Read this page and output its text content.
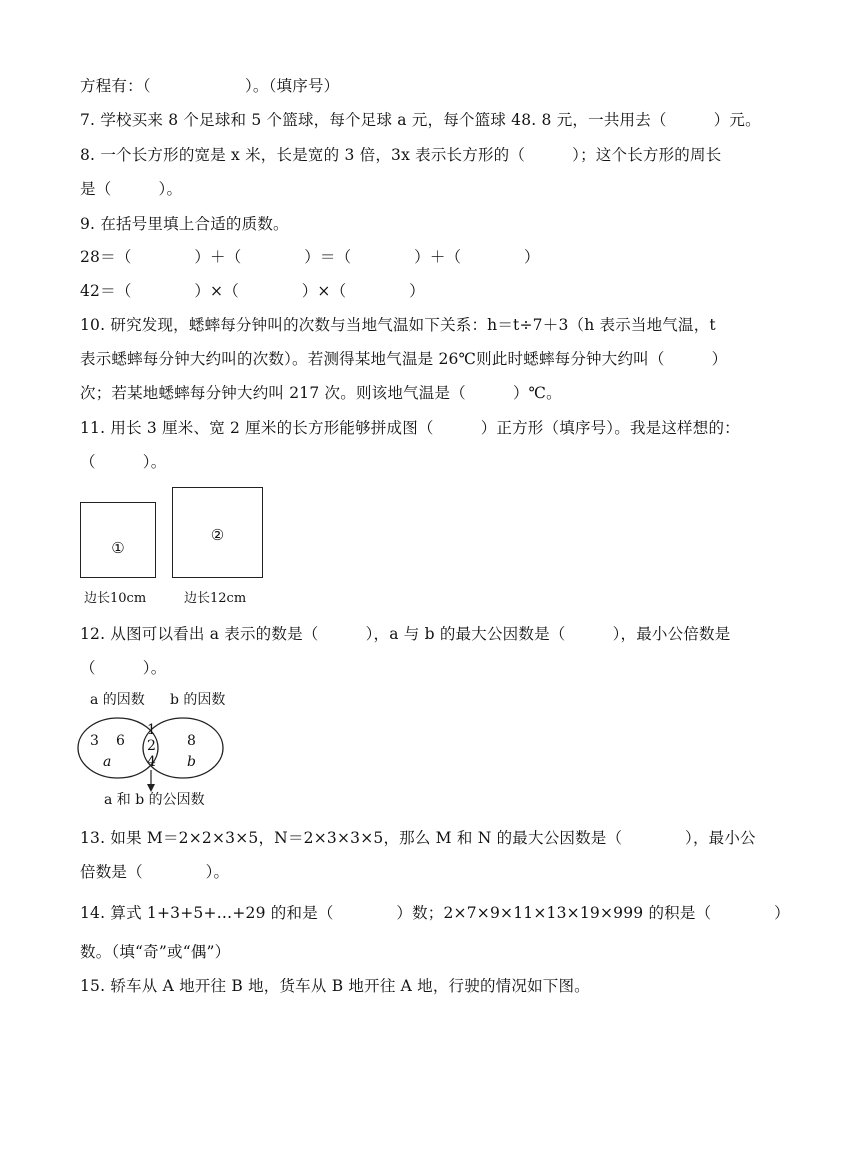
方程有：（　　　　　　）。（填序号）
7. 学校买来 8 个足球和 5 个篮球，每个足球 a 元，每个篮球 48. 8 元，一共用去（　　　）元。
8. 一个长方形的宽是 x 米，长是宽的 3 倍，3x 表示长方形的（　　　）；这个长方形的周长
是（　　　）。
9. 在括号里填上合适的质数。
28＝（　　　　）＋（　　　　）＝（　　　　）＋（　　　　）
42＝（　　　　）×（　　　　）×（　　　　）
10. 研究发现，蟋蟀每分钟叫的次数与当地气温如下关系：h＝t÷7＋3（h 表示当地气温，t
表示蟋蟀每分钟大约叫的次数）。若测得某地气温是 26℃则此时蟋蟀每分钟大约叫（　　　）
次；若某地蟋蟀每分钟大约叫 217 次。则该地气温是（　　　）℃。
11. 用长 3 厘米、宽 2 厘米的长方形能够拼成图（　　　）正方形（填序号）。我是这样想的：
（　　　）。
①
边长10cm
②
边长12cm
12. 从图可以看出 a 表示的数是（　　　），a 与 b 的最大公因数是（　　　），最小公倍数是
（　　　）。
a 的因数 b 的因数
3 6
a
1
2
4
8
b
a 和 b 的公因数
13. 如果 M＝2×2×3×5，N＝2×3×3×5，那么 M 和 N 的最大公因数是（　　　　），最小公
倍数是（　　　　）。
14. 算式 1+3+5+…+29 的和是（　　　　）数；2×7×9×11×13×19×999 的积是（　　　　）
数。（填“奇”或“偶”）
15. 轿车从 A 地开往 B 地，货车从 B 地开往 A 地，行驶的情况如下图。
